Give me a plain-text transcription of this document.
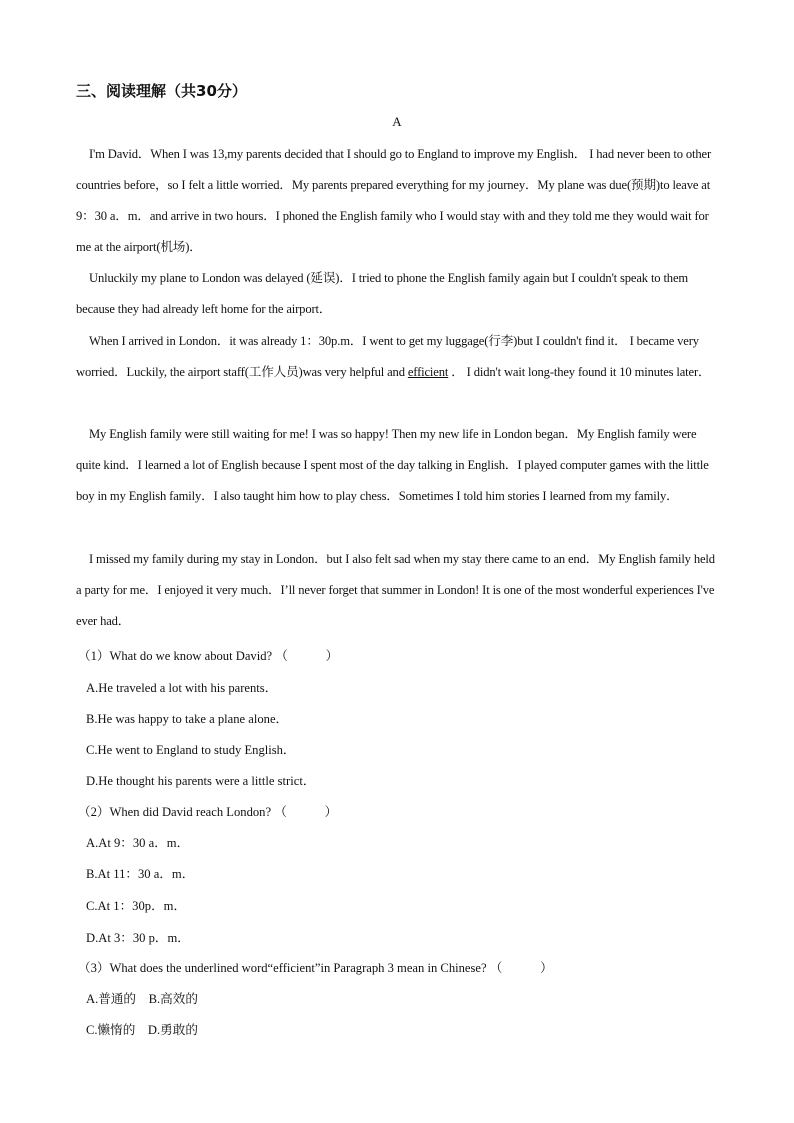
三、阅读理解（共30分）
A

I'm David．When I was 13,my parents decided that I should go to England to improve my English． I had never been to other countries before，so I felt a little worried．My parents prepared everything for my journey．My plane was due(预期)to leave at 9：30 a．m．and arrive in two hours．I phoned the English family who I would stay with and they told me they would wait for me at the airport(机场)．

Unluckily my plane to London was delayed (延误)．I tried to phone the English family again but I couldn't speak to them because they had already left home for the airport．

When I arrived in London．it was already 1：30p.m．I went to get my luggage(行李)but I couldn't find it． I became very worried．Luckily, the airport staff(工作人员)was very helpful and efficient ． I didn't wait long-they found it 10 minutes later．

My English family were still waiting for me! I was so happy! Then my new life in London began．My English family were quite kind．I learned a lot of English because I spent most of the day talking in English．I played computer games with the little boy in my English family．I also taught him how to play chess．Sometimes I told him stories I learned from my family．

I missed my family during my stay in London．but I also felt sad when my stay there came to an end．My English family held a party for me．I enjoyed it very much．I’ll never forget that summer in London! It is one of the most wonderful experiences I've ever had．

（1）What do we know about David? （　　　）
A.He traveled a lot with his parents．
B.He was happy to take a plane alone．
C.He went to England to study English．
D.He thought his parents were a little strict．
（2）When did David reach London? （　　　）
A.At 9：30 a．m．
B.At 11：30 a．m．
C.At 1：30p．m．
D.At 3：30 p．m．
（3）What does the underlined word“efficient”in Paragraph 3 mean in Chinese? （　　　）
A.普通的　B.高效的
C.懒惰的　D.勇敢的
